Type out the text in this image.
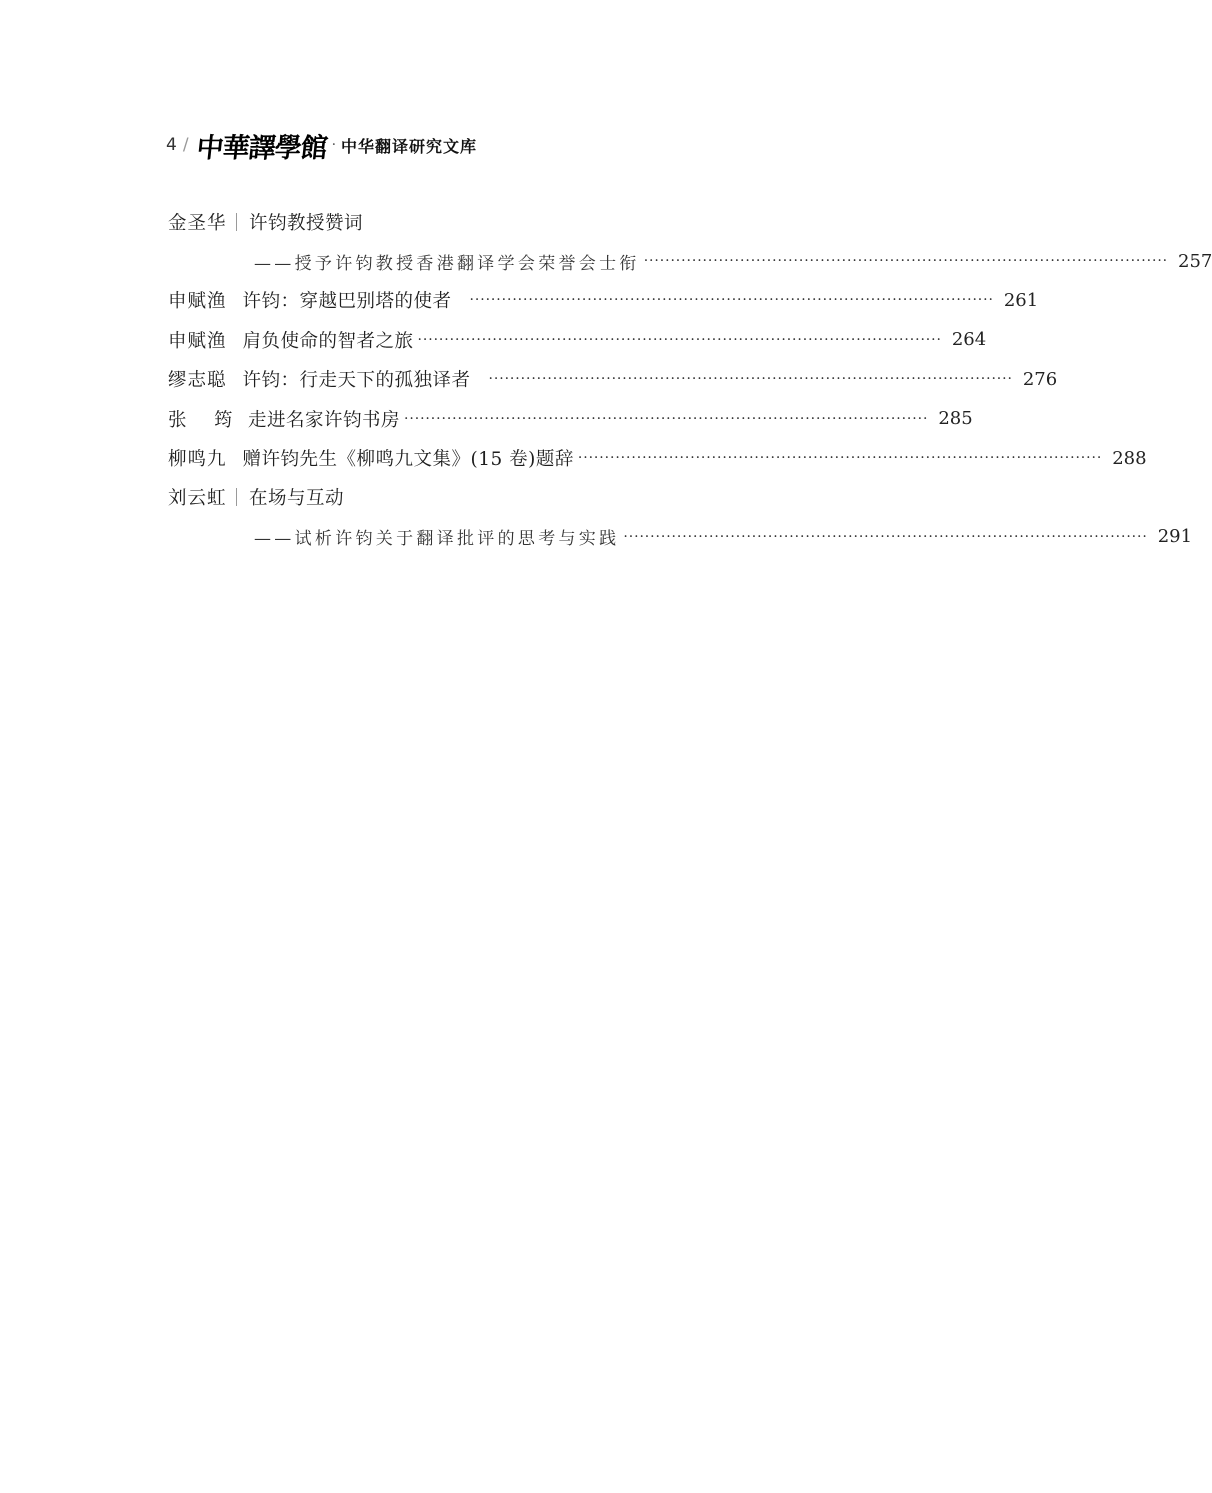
4 / 中華譯學館 · 中华翻译研究文库
金圣华 许钧教授赞词
——授予许钧教授香港翻译学会荣誉会士衔 ·································································································· 257
申赋渔 许钧：穿越巴别塔的使者 ·································································································· 261
申赋渔 肩负使命的智者之旅 ·································································································· 264
缪志聪 许钧：行走天下的孤独译者 ·································································································· 276
张 筠 走进名家许钧书房 ·································································································· 285
柳鸣九 赠许钧先生《柳鸣九文集》(15 卷)题辞 ·································································································· 288
刘云虹 在场与互动
——试析许钧关于翻译批评的思考与实践 ·································································································· 291
